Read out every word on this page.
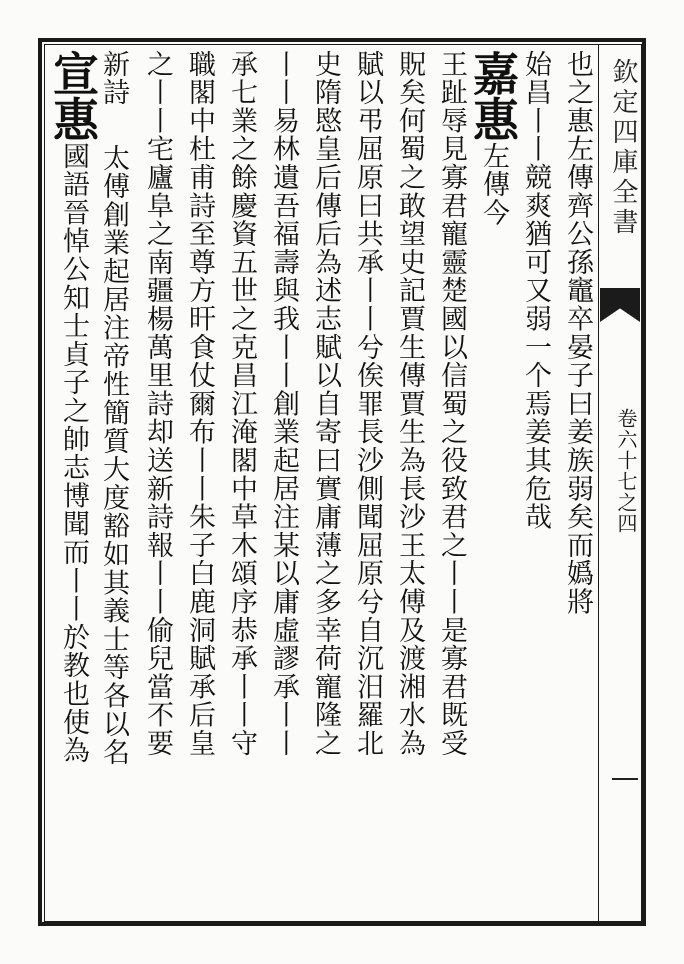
欽定四庫全書
卷六十七之四
也之惠左傳齊公孫竈卒晏子曰姜族弱矣而嬀將
始昌丨丨競爽猶可又弱一个焉姜其危哉
嘉惠左傳今
王趾辱見寡君寵靈楚國以信蜀之役致君之丨丨是寡君既受
貺矣何蜀之敢望史記賈生傳賈生為長沙王太傅及渡湘水為
賦以弔屈原曰共承丨丨兮俟罪長沙側聞屈原兮自沉汨羅北
史隋愍皇后傳后為述志賦以自寄曰實庸薄之多幸荷寵隆之
丨丨易林遺吾福壽與我丨丨創業起居注某以庸虛謬承丨丨
承七業之餘慶資五世之克昌江淹閣中草木頌序恭承丨丨守
職閣中杜甫詩至尊方旰食仗爾布丨丨朱子白鹿洞賦承后皇
之丨丨宅廬阜之南疆楊萬里詩却送新詩報丨丨偷兒當不要
新詩
宣惠國語晉悼公知士貞子之帥志博聞而丨丨於教也使為 太傅創業起居注帝性簡質大度豁如其義士等各以名
